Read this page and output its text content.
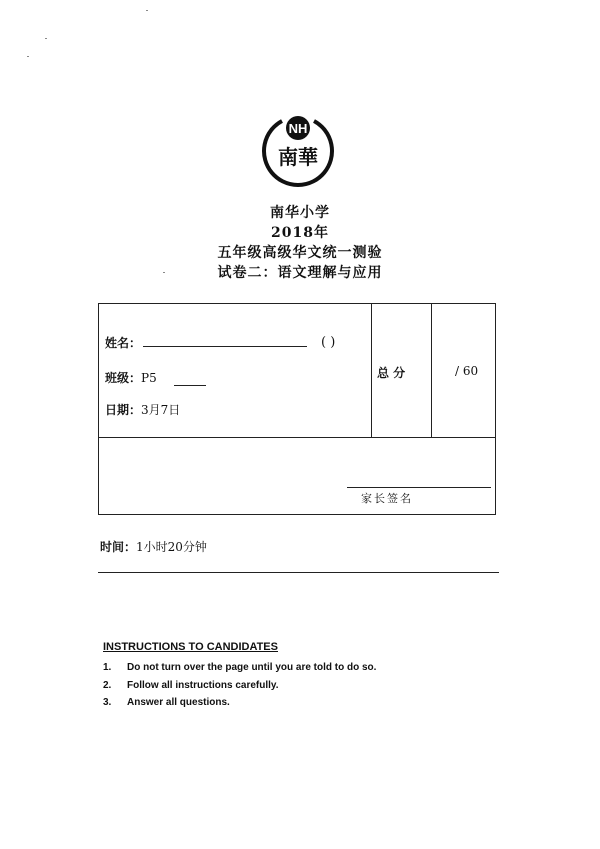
NH
南華
南华小学
2018年
五年级高级华文统一测验
试卷二：语文理解与应用
姓名：	( )
班级：P5
日期：3月7日
总 分	/ 60
家长签名
时间：1小时20分钟
INSTRUCTIONS TO CANDIDATES
1.	Do not turn over the page until you are told to do so.
2.	Follow all instructions carefully.
3.	Answer all questions.
